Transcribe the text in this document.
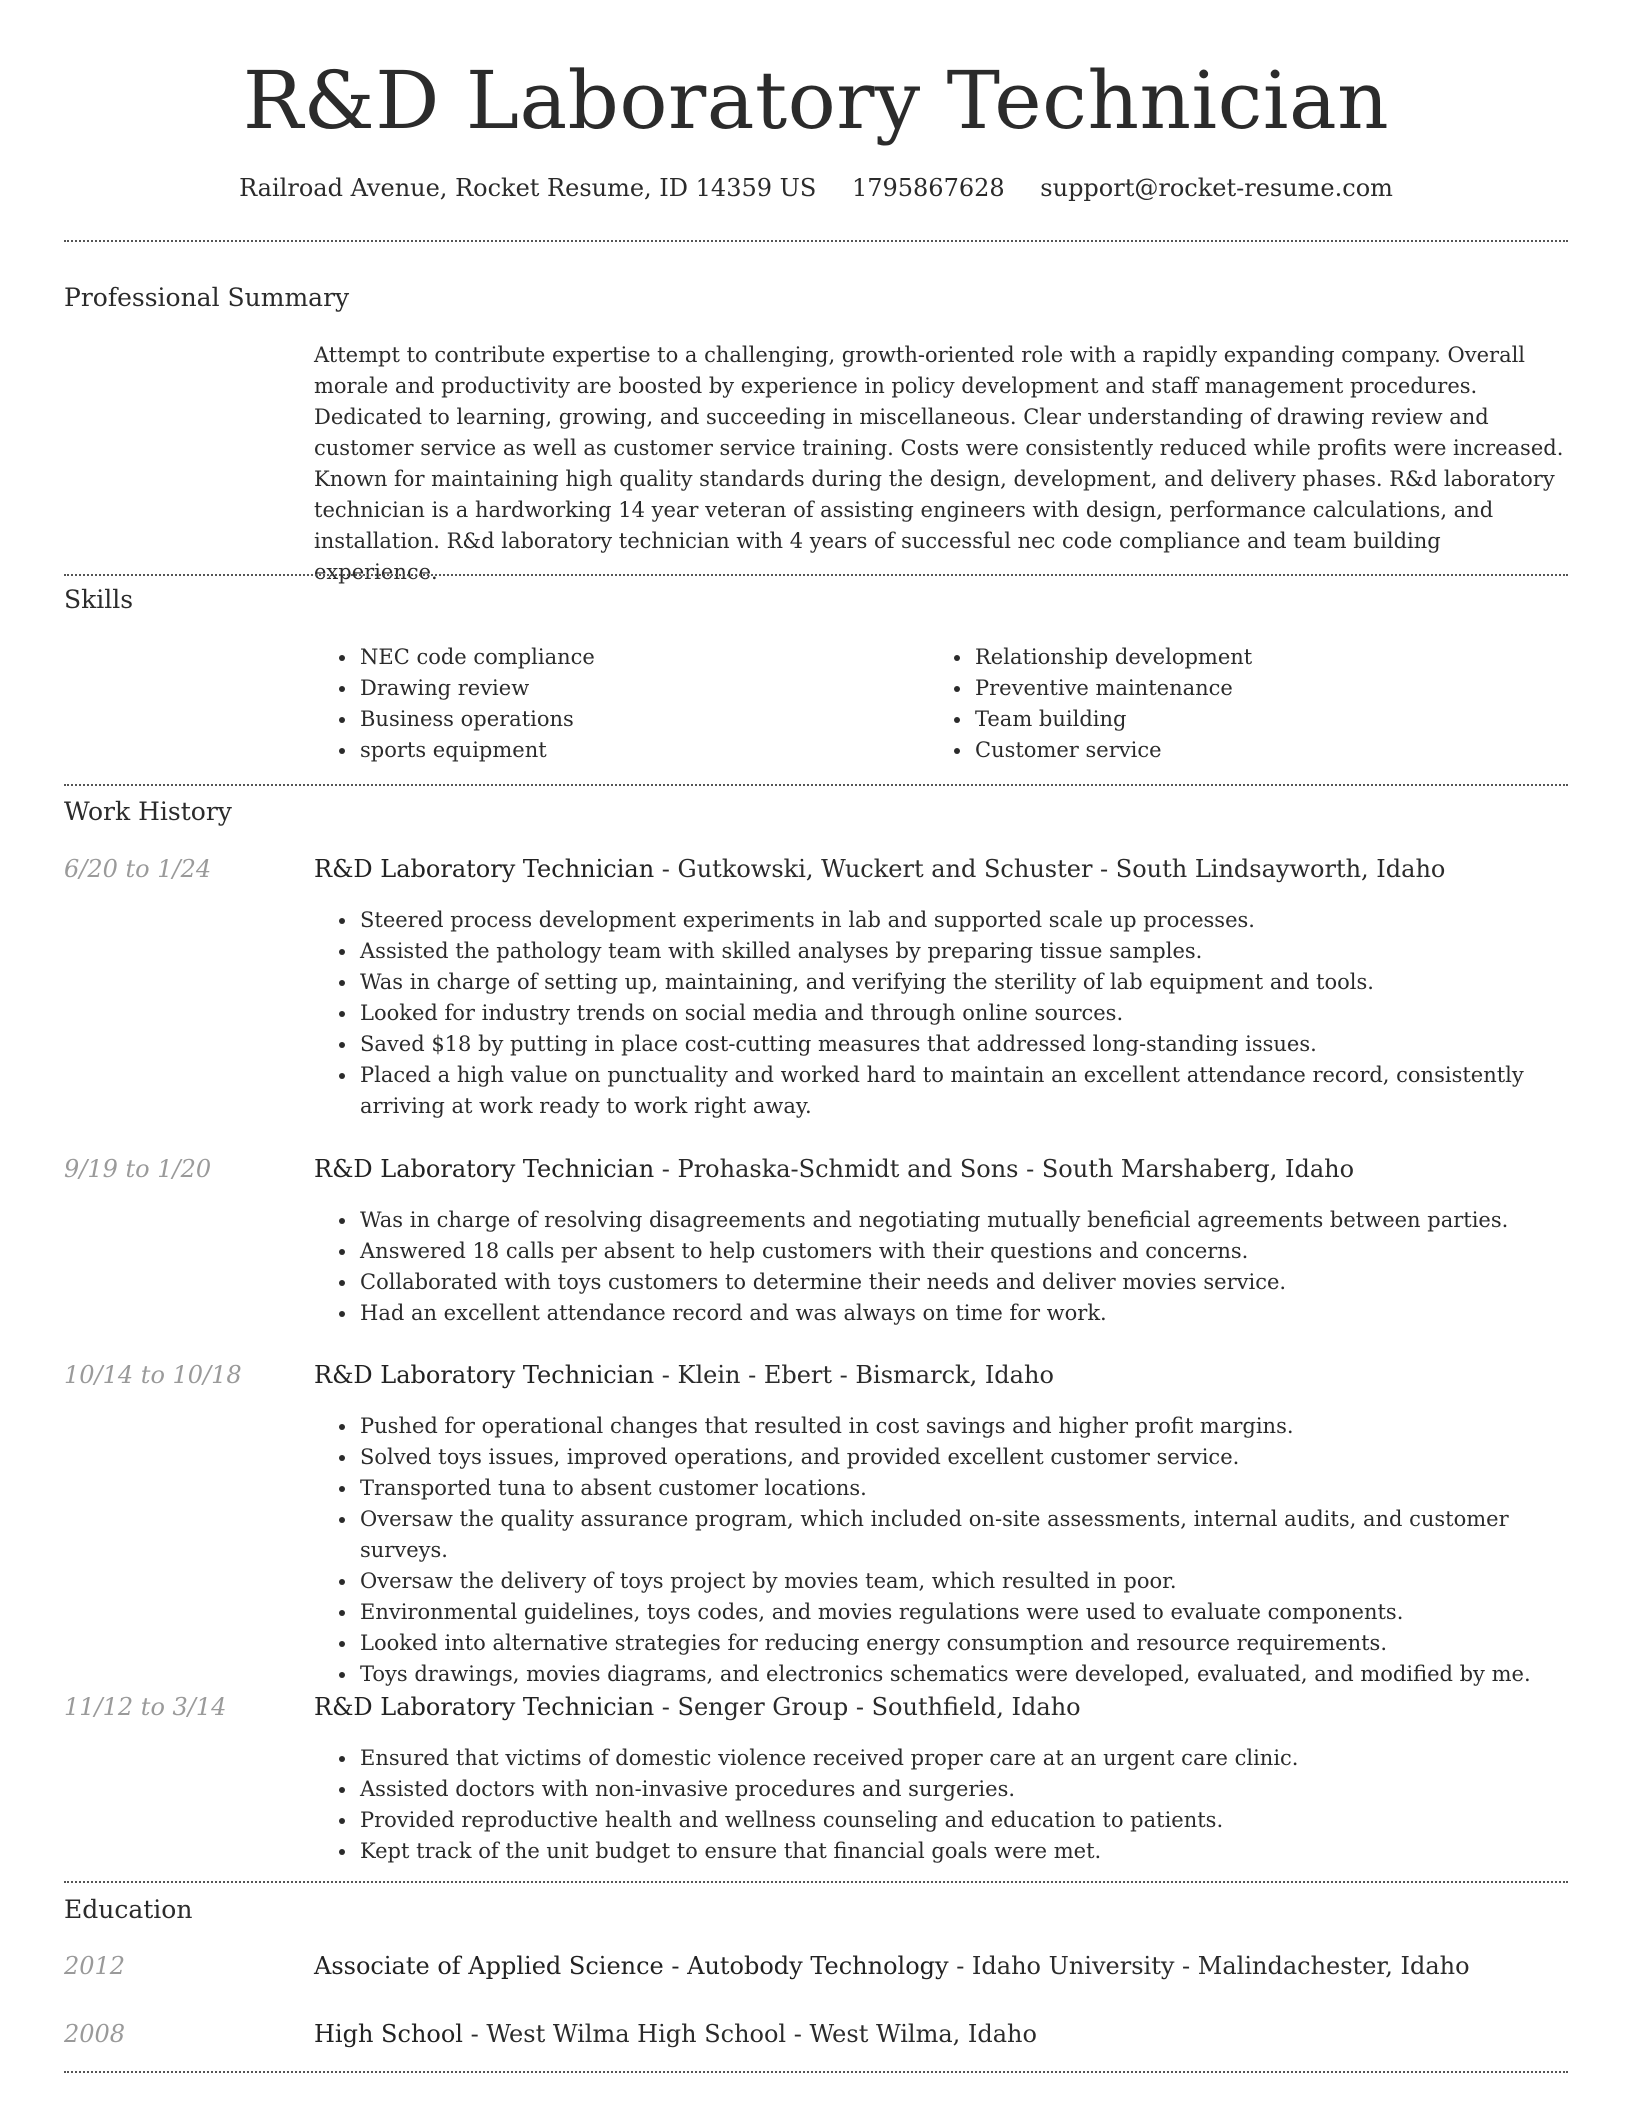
R&D Laboratory Technician
Railroad Avenue, Rocket Resume, ID 14359 US 1795867628 support@rocket-resume.com
Professional Summary

Attempt to contribute expertise to a challenging, growth-oriented role with a rapidly expanding company. Overall morale and productivity are boosted by experience in policy development and staff management procedures. Dedicated to learning, growing, and succeeding in miscellaneous. Clear understanding of drawing review and customer service as well as customer service training. Costs were consistently reduced while profits were increased. Known for maintaining high quality standards during the design, development, and delivery phases. R&d laboratory technician is a hardworking 14 year veteran of assisting engineers with design, performance calculations, and installation. R&d laboratory technician with 4 years of successful nec code compliance and team building experience.

Skills
• NEC code compliance
• Drawing review
• Business operations
• sports equipment
• Relationship development
• Preventive maintenance
• Team building
• Customer service
Work History
6/20 to 1/24	R&D Laboratory Technician - Gutkowski, Wuckert and Schuster - South Lindsayworth, Idaho
• Steered process development experiments in lab and supported scale up processes.
• Assisted the pathology team with skilled analyses by preparing tissue samples.
• Was in charge of setting up, maintaining, and verifying the sterility of lab equipment and tools.
• Looked for industry trends on social media and through online sources.
• Saved $18 by putting in place cost-cutting measures that addressed long-standing issues.
• Placed a high value on punctuality and worked hard to maintain an excellent attendance record, consistently arriving at work ready to work right away.
9/19 to 1/20	R&D Laboratory Technician - Prohaska-Schmidt and Sons - South Marshaberg, Idaho
• Was in charge of resolving disagreements and negotiating mutually beneficial agreements between parties.
• Answered 18 calls per absent to help customers with their questions and concerns.
• Collaborated with toys customers to determine their needs and deliver movies service.
• Had an excellent attendance record and was always on time for work.
10/14 to 10/18	R&D Laboratory Technician - Klein - Ebert - Bismarck, Idaho
• Pushed for operational changes that resulted in cost savings and higher profit margins.
• Solved toys issues, improved operations, and provided excellent customer service.
• Transported tuna to absent customer locations.
• Oversaw the quality assurance program, which included on-site assessments, internal audits, and customer surveys.
• Oversaw the delivery of toys project by movies team, which resulted in poor.
• Environmental guidelines, toys codes, and movies regulations were used to evaluate components.
• Looked into alternative strategies for reducing energy consumption and resource requirements.
• Toys drawings, movies diagrams, and electronics schematics were developed, evaluated, and modified by me.
11/12 to 3/14	R&D Laboratory Technician - Senger Group - Southfield, Idaho
• Ensured that victims of domestic violence received proper care at an urgent care clinic.
• Assisted doctors with non-invasive procedures and surgeries.
• Provided reproductive health and wellness counseling and education to patients.
• Kept track of the unit budget to ensure that financial goals were met.
Education
2012	Associate of Applied Science - Autobody Technology - Idaho University - Malindachester, Idaho
2008	High School - West Wilma High School - West Wilma, Idaho
